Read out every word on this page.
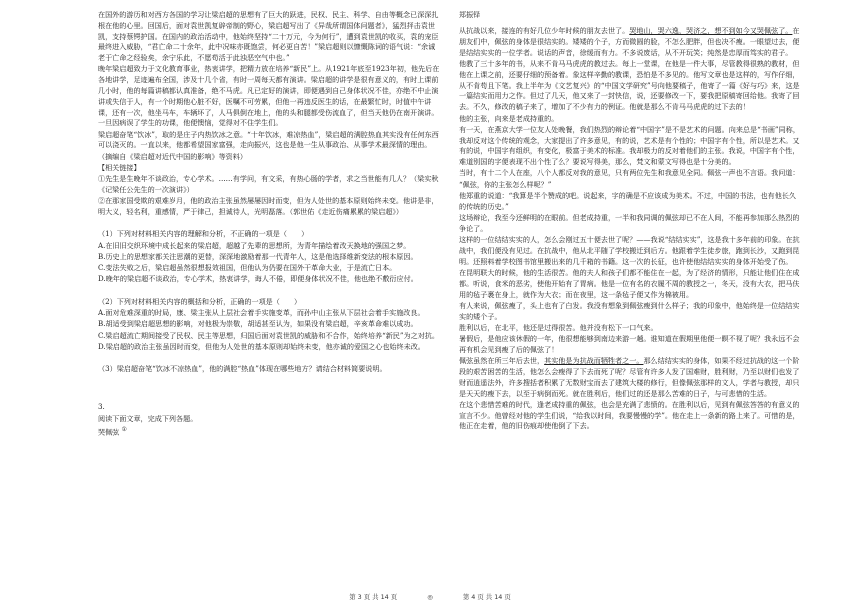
在国外的游历和对西方各国的学习让梁启超的思想有了巨大的跃进，民权、民主、科学、自由等概念已深深扎根在他的心里。回国后，面对袁世凯复辟帝制的野心，梁启超写出了《异哉所谓国体问题者》，猛烈抨击袁世凯，支持蔡锷护国。在国内的政治活动中，他始终坚持“二十万元，今为何行”，遭到袁世凯的收买，袁的宠臣最终进入威胁，“君亡命二十余年，此中况味亦既饱尝，何必更自苦！”梁启超则以慷慨陈词的语气说：“余诚老于亡命之经验矣，余宁乐此，不愿苟活于此浊恶空气中也。”

晚年梁启超致力于文化教育事业，热衷讲学，把精力放在培养“新民”上。从1921年底至1923年初，他先后在各地讲学，足迹遍布全国，涉及十几个省，有时一周每天都有演讲。梁启超的讲学是很有意义的，有时上课前几小时，他的每篇讲稿都认真准备，绝不马虎。凡已定好的演讲，即便遇到自己身体状况不佳，亦绝不中止演讲或失信于人，有一个时期他心脏不好，医嘱不可劳累，但他一再违反医生的话，在最繁忙时，时值中午讲课，还有一次，他坐马车，车辆坏了，人马俱倒在地上，他的头和腿都受伤流血了，但当天他仍在南开演讲。一旦因病误了学生的功课，他便懊恼，觉得对不住学生们。

梁启超奋笔“饮冰”，取的是庄子内热饮冰之意。“十年饮冰，难凉热血”，梁启超的满腔热血其实没有任何东西可以浇灭的。一直以来，他都希望国家富强，走向振兴，这也是他一生从事政治、从事学术最深情的理由。

（摘编自《梁启超对近代中国的影响》等资料）

【相关链接】

①先生是生晚年不谈政治，专心学术。……有学问，有文采，有热心肠的学者，求之当世能有几人？（梁实秋《记梁任公先生的一次演讲》）

②在那家国受欺的艰难岁月，他的政治主张虽然屡屡因时而变，但为人处世的基本原则始终未变。他讲是非，明大义，轻名利，重感情，严于律己，担诚待人，光明磊落。（郭世佑《走近伤痛累累的梁启超》）

（1）下列对材料相关内容的理解和分析，不正确的一项是（　　）

A.在旧旧交织环境中成长起来的梁启超，超越了先辈的思想所，为青年描绘着改天换地的强国之梦。

B.历史上的思想家都关注思潮的更替，深深地激励着那一代青年人，这是他选择维新变法的根本原因。

C.变法失败之后，梁启超虽然很想报效祖国，但他认为仍要在国外干革命大业，于是流亡日本。

D.晚年的梁启超不谈政治，专心学术，热衷讲学，诲人不倦，即便身体状况不佳，他也绝不敷衍应付。

（2）下列对材料相关内容的概括和分析，正确的一项是（　　）

A.面对危难深重的时局，康、梁主张从上层社会着手实施变革，而孙中山主张从下层社会着手实施改良。

B.胡适受到梁启超思想的影响，对他极为崇敬，胡适甚至认为，如果没有梁启超，辛亥革命难以成功。

C.梁启超流亡期间接受了民权、民主等思想，归国后面对袁世凯的威胁和不合作，始终培养“新民”为之对抗。

D.梁启超的政治主张虽因时而变，但他为人处世的基本原则却始终未变，他亦诚的爱国之心也始终未改。

（3）梁启超奋笔“饮冰不凉热血”，他的满腔“热血”体现在哪些地方？请结合材料简要说明。

3.

阅读下面文章，完成下列各题。

哭佩弦 ①

郑振铎

从抗战以来，接连的有好几位少年时候的朋友去世了。哭地山，哭六逸，哭济之，想不到如今又哭佩弦了。在朋友们中，佩弦的身体是很结实的。矮矮的个子，方而微圆的脸，不怎么肥胖，但也决不瘦。一眼望过去，便是结结实实的一位学者。说话的声音，徐缓而有力。不多说废话，从不开玩笑；纯然是忠厚而笃实的君子。

他教了三十多年的书，从来不肯马马虎虎的教过去。每上一堂课，在他是一件大事，尽管教得很熟的教材，但他在上课之前，还要仔细的预备着。象这样辛勤的教课，恐怕是不多见的。他写文章也是这样的，写作仔细，从不肯苟且下笔。我上半年为《文艺复兴》的“中国文学研究”号向他要稿子，他寄了一篇《好与巧》来，这是一篇结实而用力之作。但过了几天，他又来了一封快信，说，还要修改一下，要我把原稿寄回给他。我寄了回去。不久，修改的稿子来了，增加了不少有力的例证。他就是那么不肯马马虎虎的过下去的！

他的主张，向来是老成持重的。

有一天，在燕京大学一位友人处晚餐，我们热烈的辩论着“中国字”是不是艺术的问题。向来总是“书画”同称，我却反对这个传统的观念，大家提出了许多意见，有的说，艺术是有个性的；中国字有个性，所以是艺术。又有的说，中国字有组织，有变化，极富于美术的标准。我却极力的反对着他们的主张。我说，中国字有个性，难道别国的字便表现不出个性了么？要说写得美，那么，梵文和蒙文写得也是十分美的。

当时，有十二个人在座，八个人都反对我的意见，只有两位先生和我意见全同。佩弦一声也不言语。我问道：

“佩弦，你的主张怎么样呢？”

他郑重的说道：“我算是半个赞成的吧。说起来，字的确是不应该成为美术。不过，中国的书法，也有他长久的传统的历史。”

这场辩论，我至今还鲜明的在眼前。但老成持重，一半和我同调的佩弦却已不在人间，不能再参加那么热烈的争论了。

这样的一位结结实实的人，怎么会刚过五十便去世了呢？——我说“结结实实”，这是我十多年前的印象。在抗战中，我们便没有见过。在抗战中，他从北平随了学校搬迁到后方。他跟着学生徒步旅，跑到长沙，又跑到昆明。还照料着学校图书馆里搬出来的几千箱的书籍。这一次的长征，也许使他结结实实的身体开始受了伤。

在昆明联大的时候，他的生活很苦。他的夫人和孩子们都不能住在一起，为了经济的情形，只能让他们住在成都。听说，食米的恶劣，使他开始有了胃病。他是一位有名的衣履不周的教授之一，冬天，没有大衣，把马伕用的毡子裹在身上，就作为大衣；而在夜里，这一条毡子便又作为棉被用。

有人来说，佩弦瘦了，头上也有了白发。我没有想象到佩弦瘦到什么样子；我的印象中，他始终是一位结结实实的矮个子。

胜利以后，在北平，他还是过得很苦。他并没有松下一口气来。

暑假后，是他应该休假的一年，他很想能够到南边来游一趟。谁知道在假期里他便一瞑不视了呢？我永远不会再有机会见到瘦了后的佩弦了！

佩弦虽然在所三年后去世，其实他是为抗战而牺牲者之一。那么结结实实的身体，如果不经过抗战的这一个阶段的艰苦困苦的生活，他怎么会瘦得了下去而死了呢？尽管有许多人发了国难财，胜利财，乃至以财们也发了财而逍遥法外，许多搜括者积累了无数财宝而去了建筑大楼的修行，但像佩弦那样的文人，学者与教授，却只是天天的瘦下去，以至于病倒而死。就在胜利后，他们过的还是那么苦难的日子，与可悲惜的生活。

在这个悲惜苦难的时代，逢老成持重的佩弦，也会是充满了悲愤的。在胜利以后，见到有佩弦答答的有意义的宣言不少。他曾经对他的学生们说，“给我以时间，我要慢慢的学”。他在走上一条新的路上来了。可惜的是，他正在走着，他的旧伤痕却使他倒了下去。

第 3 页 共 14 页	◎	第 4 页 共 14 页
